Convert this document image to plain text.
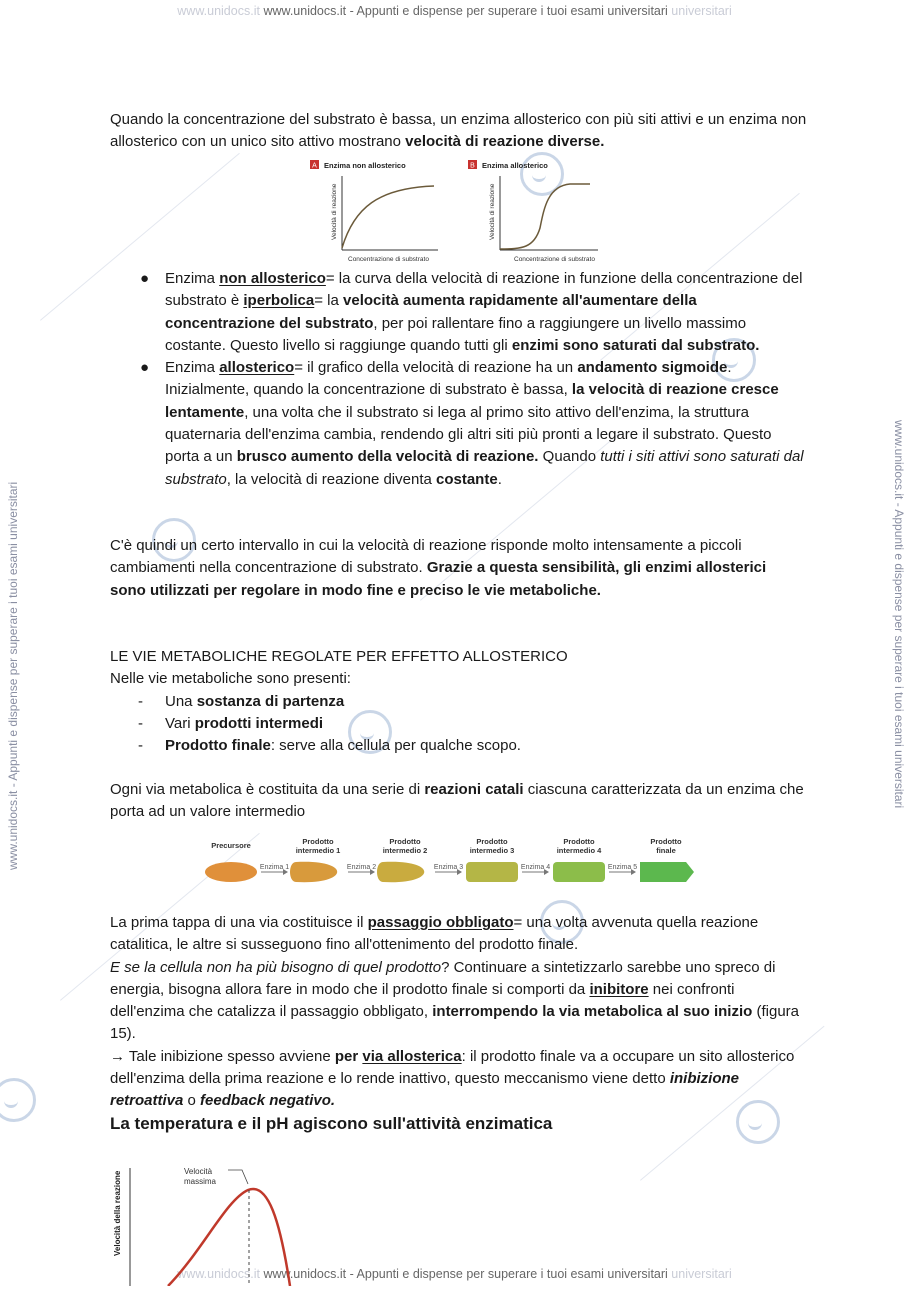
www.unidocs.it www.unidocs.it - Appunti e dispense per superare i tuoi esami universitari universitari
www.unidocs.it www.unidocs.it - Appunti e dispense per superare i tuoi esami universitari universitari
www.unidocs.it - Appunti e dispense per superare i tuoi esami universitari	www.unidocs.it - Appunti e dispense per superare i tuoi esami universitari
Quando la concentrazione del substrato è bassa, un enzima allosterico con più siti attivi e un enzima non allosterico con un unico sito attivo mostrano velocità di reazione diverse.
A Enzima non allosterico
Velocità di reazione
Concentrazione di substrato
B Enzima allosterico
Velocità di reazione
Concentrazione di substrato
● Enzima non allosterico= la curva della velocità di reazione in funzione della concentrazione del substrato è iperbolica= la velocità aumenta rapidamente all'aumentare della concentrazione del substrato, per poi rallentare fino a raggiungere un livello massimo costante. Questo livello si raggiunge quando tutti gli enzimi sono saturati dal substrato.
● Enzima allosterico= il grafico della velocità di reazione ha un andamento sigmoide. Inizialmente, quando la concentrazione di substrato è bassa, la velocità di reazione cresce lentamente, una volta che il substrato si lega al primo sito attivo dell'enzima, la struttura quaternaria dell'enzima cambia, rendendo gli altri siti più pronti a legare il substrato. Questo porta a un brusco aumento della velocità di reazione. Quando tutti i siti attivi sono saturati dal substrato, la velocità di reazione diventa costante.
C'è quindi un certo intervallo in cui la velocità di reazione risponde molto intensamente a piccoli cambiamenti nella concentrazione di substrato. Grazie a questa sensibilità, gli enzimi allosterici sono utilizzati per regolare in modo fine e preciso le vie metaboliche.
LE VIE METABOLICHE REGOLATE PER EFFETTO ALLOSTERICO
Nelle vie metaboliche sono presenti:
- Una sostanza di partenza
- Vari prodotti intermedi
- Prodotto finale: serve alla cellula per qualche scopo.
Ogni via metabolica è costituita da una serie di reazioni catali ciascuna caratterizzata da un enzima che porta ad un valore intermedio
Precursore
Enzima 1
Prodotto intermedio 1
Enzima 2
Prodotto intermedio 2
Enzima 3
Prodotto intermedio 3
Enzima 4
Prodotto intermedio 4
Enzima 5
Prodotto finale
La prima tappa di una via costituisce il passaggio obbligato= una volta avvenuta quella reazione catalitica, le altre si susseguono fino all'ottenimento del prodotto finale.
E se la cellula non ha più bisogno di quel prodotto? Continuare a sintetizzarlo sarebbe uno spreco di energia, bisogna allora fare in modo che il prodotto finale si comporti da inibitore nei confronti dell'enzima che catalizza il passaggio obbligato, interrompendo la via metabolica al suo inizio (figura 15).
→ Tale inibizione spesso avviene per via allosterica: il prodotto finale va a occupare un sito allosterico dell'enzima della prima reazione e lo rende inattivo, questo meccanismo viene detto inibizione retroattiva o feedback negativo.
La temperatura e il pH agiscono sull'attività enzimatica
Velocità della reazione	Velocità massima
